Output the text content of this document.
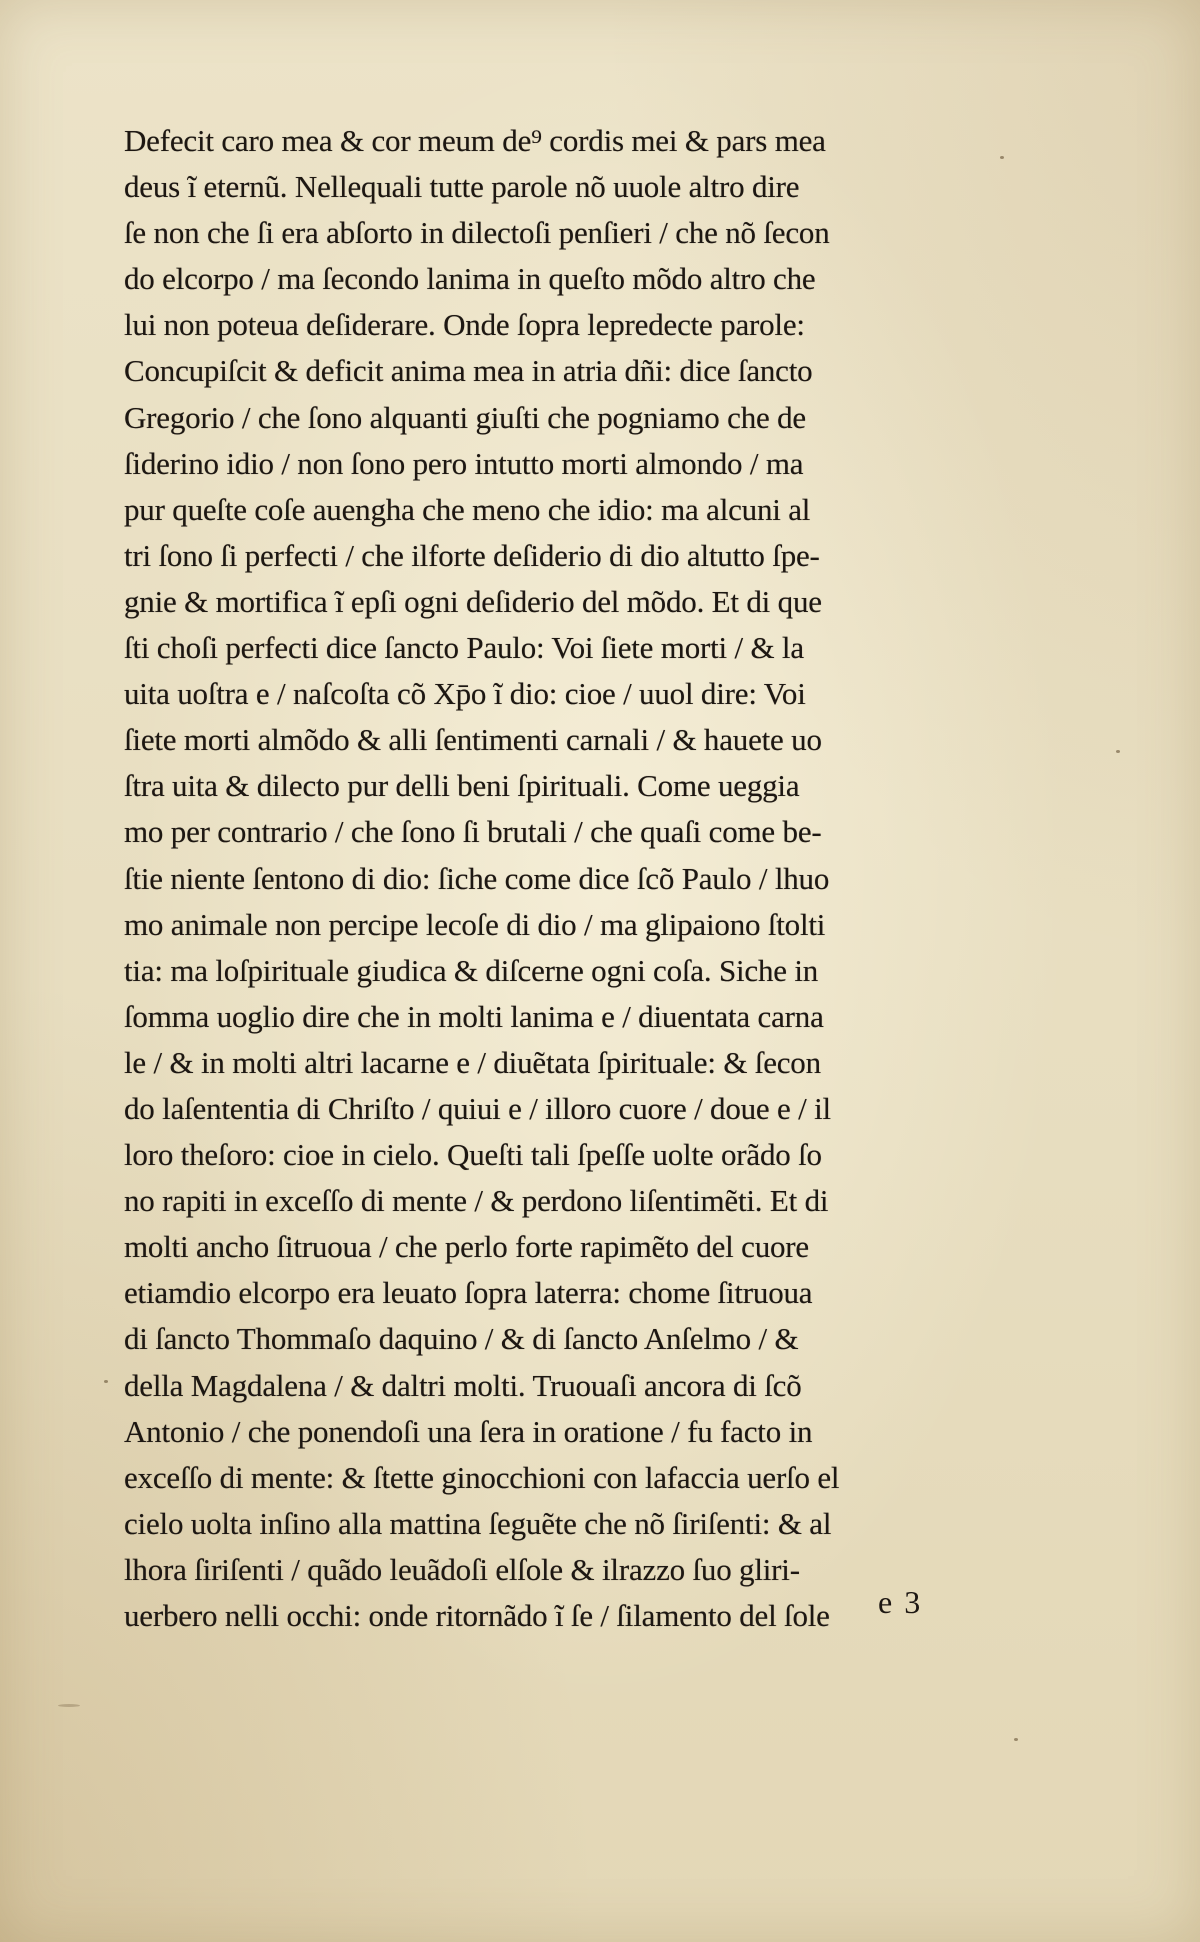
Defecit caro mea & cor meum de⁹ cordis mei & pars mea
deus ĩ eternũ. Nellequali tutte parole nõ uuole altro dire
ſe non che ſi era abſorto in dilectoſi penſieri / che nõ ſecon
do elcorpo / ma ſecondo lanima in queſto mõdo altro che
lui non poteua deſiderare. Onde ſopra lepredecte parole:
Concupiſcit & deficit anima mea in atria dñi: dice ſancto
Gregorio / che ſono alquanti giuſti che pogniamo che de
ſiderino idio / non ſono pero intutto morti almondo / ma
pur queſte coſe auengha che meno che idio: ma alcuni al
tri ſono ſi perfecti / che ilforte deſiderio di dio altutto ſpe-
gnie & mortifica ĩ epſi ogni deſiderio del mõdo. Et di que
ſti choſi perfecti dice ſancto Paulo: Voi ſiete morti / & la
uita uoſtra e / naſcoſta cõ Xp̄o ĩ dio: cioe / uuol dire: Voi
ſiete morti almõdo & alli ſentimenti carnali / & hauete uo
ſtra uita & dilecto pur delli beni ſpirituali. Come ueggia
mo per contrario / che ſono ſi brutali / che quaſi come be-
ſtie niente ſentono di dio: ſiche come dice ſcõ Paulo / lhuo
mo animale non percipe lecoſe di dio / ma glipaiono ſtolti
tia: ma loſpirituale giudica & diſcerne ogni coſa. Siche in
ſomma uoglio dire che in molti lanima e / diuentata carna
le / & in molti altri lacarne e / diuẽtata ſpirituale: & ſecon
do laſententia di Chriſto / quiui e / illoro cuore / doue e / il
loro theſoro: cioe in cielo. Queſti tali ſpeſſe uolte orãdo ſo
no rapiti in exceſſo di mente / & perdono liſentimẽti. Et di
molti ancho ſitruoua / che perlo forte rapimẽto del cuore
etiamdio elcorpo era leuato ſopra laterra: chome ſitruoua
di ſancto Thommaſo daquino / & di ſancto Anſelmo / &
della Magdalena / & daltri molti. Truouaſi ancora di ſcõ
Antonio / che ponendoſi una ſera in oratione / fu facto in
exceſſo di mente: & ſtette ginocchioni con lafaccia uerſo el
cielo uolta inſino alla mattina ſeguẽte che nõ ſiriſenti: & al
lhora ſiriſenti / quãdo leuãdoſi elſole & ilrazzo ſuo gliri-
uerbero nelli occhi: onde ritornãdo ĩ ſe / ſilamento del ſole	e 3
